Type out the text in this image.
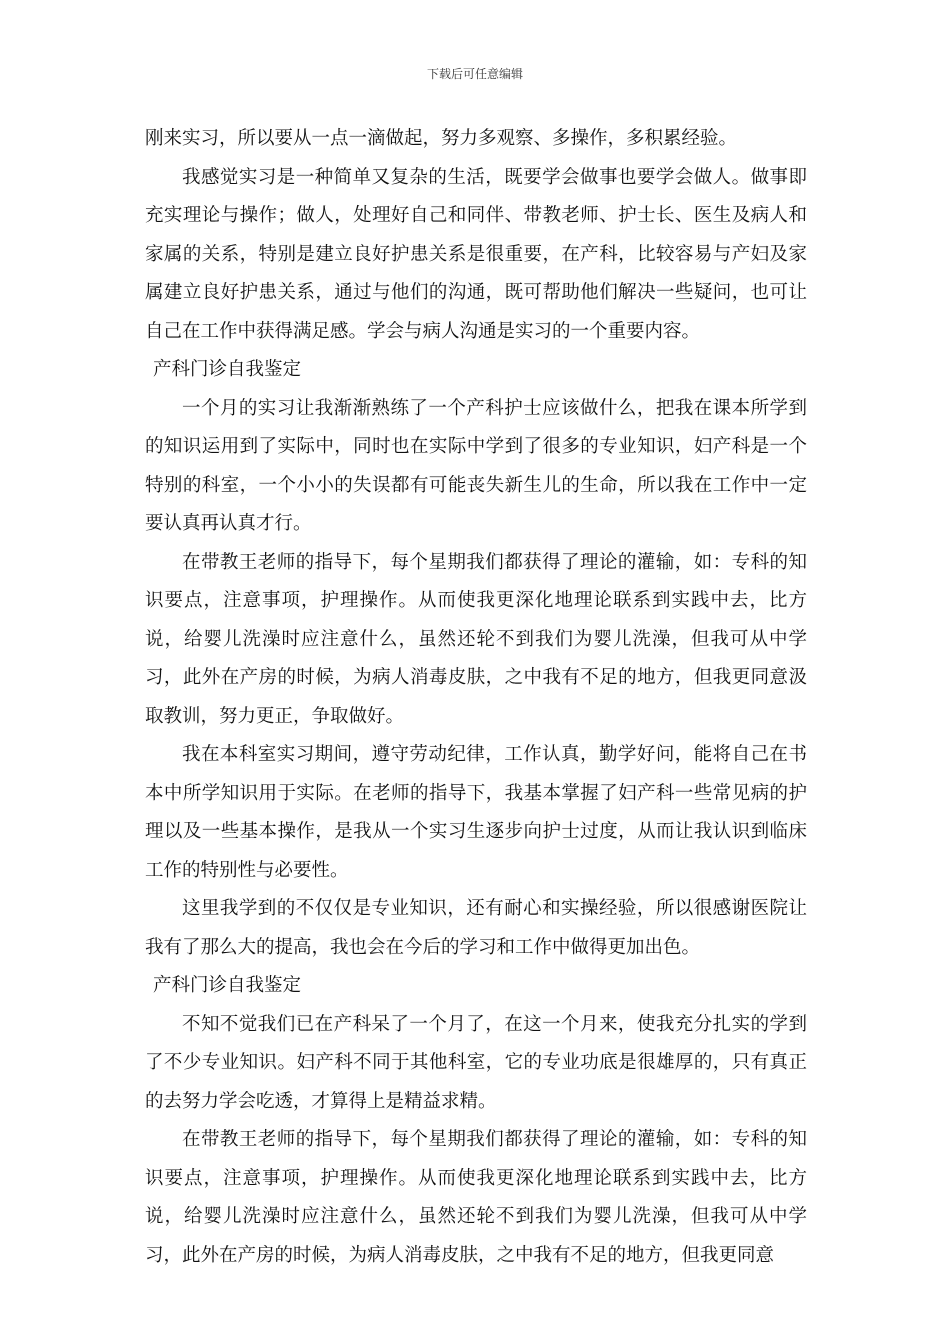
下载后可任意编辑

刚来实习，所以要从一点一滴做起，努力多观察、多操作，多积累经验。

我感觉实习是一种简单又复杂的生活，既要学会做事也要学会做人。做事即充实理论与操作；做人，处理好自己和同伴、带教老师、护士长、医生及病人和家属的关系，特别是建立良好护患关系是很重要，在产科，比较容易与产妇及家属建立良好护患关系，通过与他们的沟通，既可帮助他们解决一些疑问，也可让自己在工作中获得满足感。学会与病人沟通是实习的一个重要内容。

产科门诊自我鉴定

一个月的实习让我渐渐熟练了一个产科护士应该做什么，把我在课本所学到的知识运用到了实际中，同时也在实际中学到了很多的专业知识，妇产科是一个特别的科室，一个小小的失误都有可能丧失新生儿的生命，所以我在工作中一定要认真再认真才行。

在带教王老师的指导下，每个星期我们都获得了理论的灌输，如：专科的知识要点，注意事项，护理操作。从而使我更深化地理论联系到实践中去，比方说，给婴儿洗澡时应注意什么，虽然还轮不到我们为婴儿洗澡，但我可从中学习，此外在产房的时候，为病人消毒皮肤，之中我有不足的地方，但我更同意汲取教训，努力更正，争取做好。

我在本科室实习期间，遵守劳动纪律，工作认真，勤学好问，能将自己在书本中所学知识用于实际。在老师的指导下，我基本掌握了妇产科一些常见病的护理以及一些基本操作，是我从一个实习生逐步向护士过度，从而让我认识到临床工作的特别性与必要性。

这里我学到的不仅仅是专业知识，还有耐心和实操经验，所以很感谢医院让我有了那么大的提高，我也会在今后的学习和工作中做得更加出色。

产科门诊自我鉴定

不知不觉我们已在产科呆了一个月了，在这一个月来，使我充分扎实的学到了不少专业知识。妇产科不同于其他科室，它的专业功底是很雄厚的，只有真正的去努力学会吃透，才算得上是精益求精。

在带教王老师的指导下，每个星期我们都获得了理论的灌输，如：专科的知识要点，注意事项，护理操作。从而使我更深化地理论联系到实践中去，比方说，给婴儿洗澡时应注意什么，虽然还轮不到我们为婴儿洗澡，但我可从中学习，此外在产房的时候，为病人消毒皮肤，之中我有不足的地方，但我更同意
